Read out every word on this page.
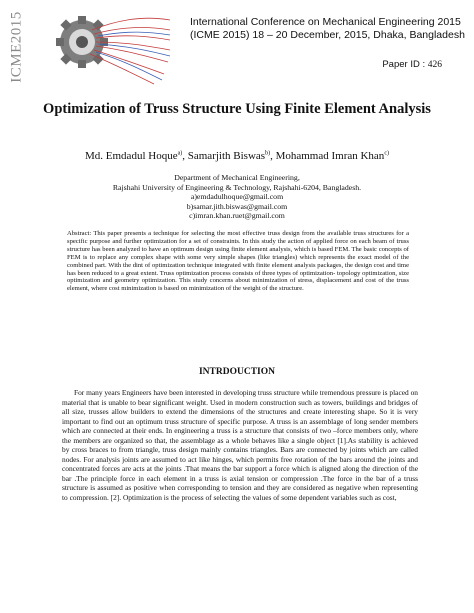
ICME2015	International Conference on Mechanical Engineering 2015
(ICME 2015) 18 – 20 December, 2015, Dhaka, Bangladesh
Paper ID : 426
Optimization of Truss Structure Using Finite Element Analysis
Md. Emdadul Hoque$^{a)}$, Samarjith Biswas$^{b)}$, Mohammad Imran Khan$^{c)}$
Department of Mechanical Engineering,
Rajshahi University of Engineering & Technology, Rajshahi-6204, Bangladesh.
a)emdadulhoque@gmail.com
b)samar.jith.biswas@gmail.com
c)imran.khan.ruet@gmail.com
Abstract: This paper presents a technique for selecting the most effective truss design from the available truss structures for a specific purpose and further optimization for a set of constraints. In this study the action of applied force on each beam of truss structure has been analyzed to have an optimum design using finite element analysis, which is based FEM. The basic concepts of FEM is to replace any complex shape with some very simple shapes (like triangles) which represents the exact model of the combined part. With the dint of optimization technique integrated with finite element analysis packages, the design cost and time has been reduced to a great extent. Truss optimization process consists of three types of optimization- topology optimization, size optimization and geometry optimization. This study concerns about minimization of stress, displacement and cost of the truss element, where cost minimization is based on minimization of the weight of the structure.
INTRDOUCTION
For many years Engineers have been interested in developing truss structure while tremendous pressure is placed on material that is unable to bear significant weight. Used in modern construction such as towers, buildings and bridges of all size, trusses allow builders to extend the dimensions of the structures and create interesting shape. So it is very important to find out an optimum truss structure of specific purpose. A truss is an assemblage of long sender members which are connected at their ends. In engineering a truss is a structure that consists of two –force members only, where the members are organized so that, the assemblage as a whole behaves like a single object [1].As stability is achieved by cross braces to from triangle, truss design mainly contains triangles. Bars are connected by joints which are called nodes. For analysis joints are assumed to act like hinges, which permits free rotation of the bars around the joints and concentrated forces are acts at the joints .That means the bar support a force which is aligned along the direction of the bar .The principle force in each element in a truss is axial tension or compression .The force in the bar of a truss structure is assumed as positive when corresponding to tension and they are considered as negative when representing to compression. [2]. Optimization is the process of selecting the values of some dependent variables such as cost,
